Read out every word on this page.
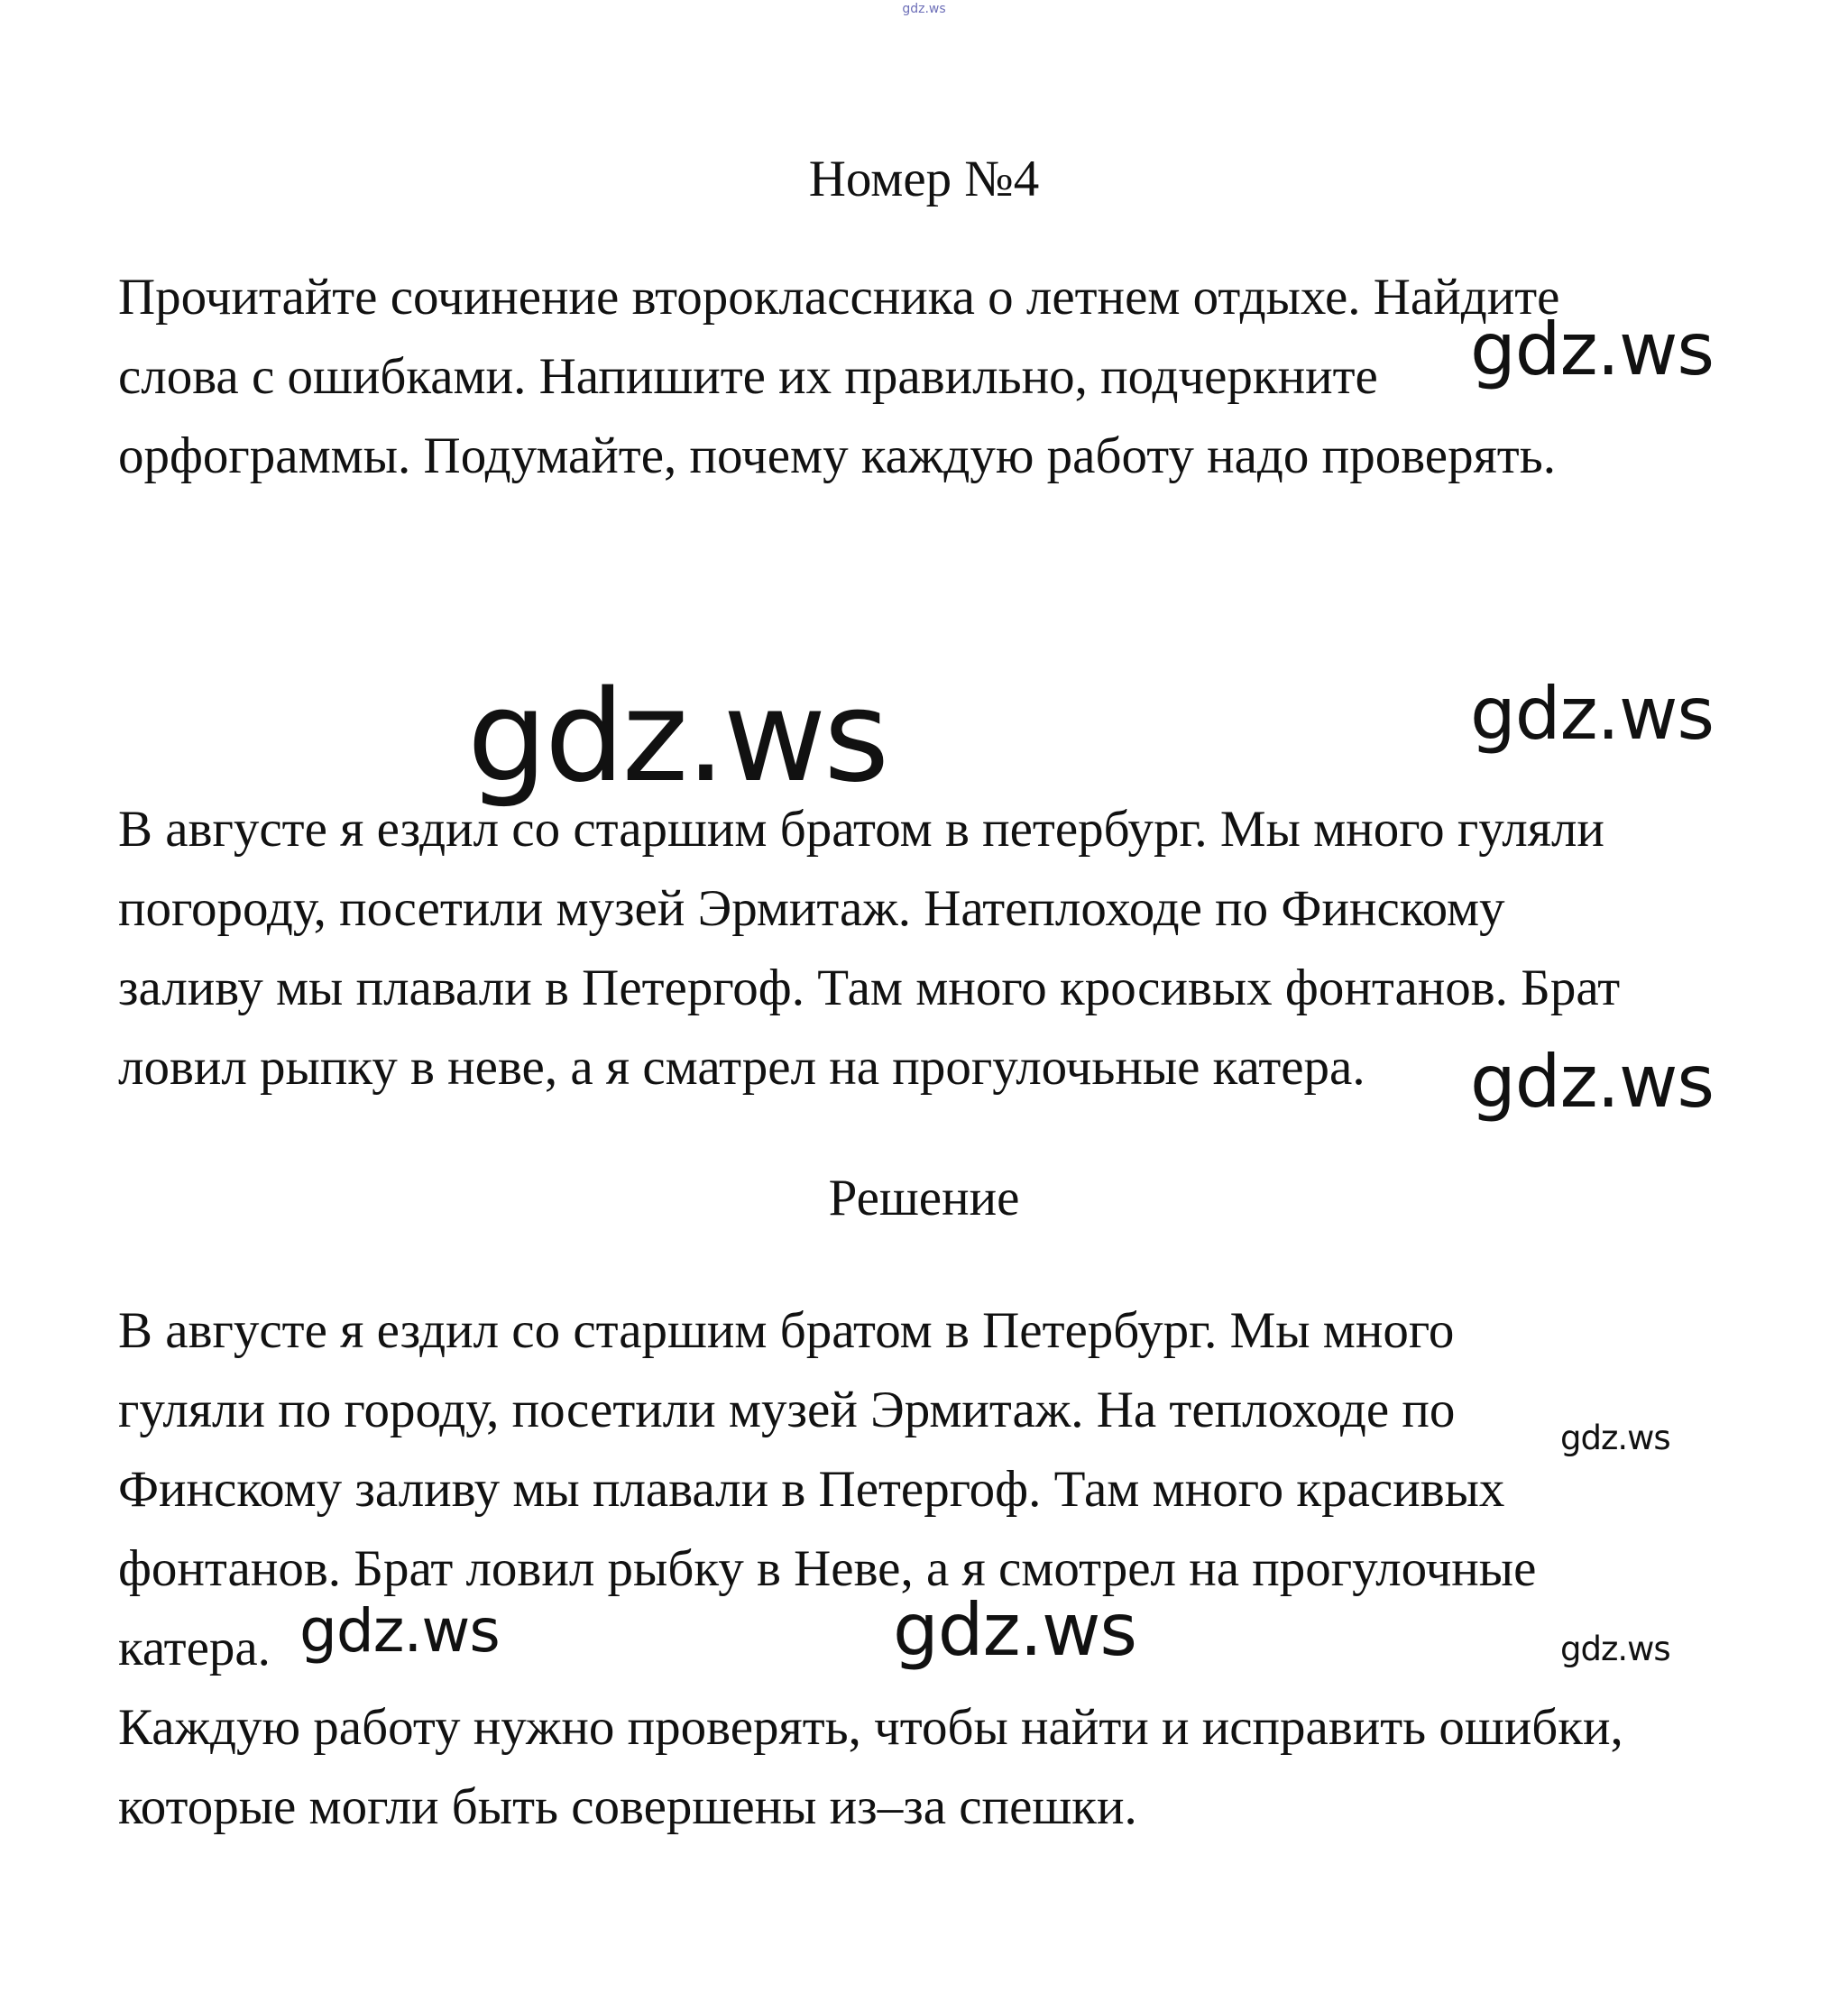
gdz.ws
Номер №4
Прочитайте сочинение второклассника о летнем отдыхе. Найдите
слова с ошибками. Напишите их правильно, подчеркните
орфограммы. Подумайте, почему каждую работу надо проверять.
В августе я ездил со старшим братом в петербург. Мы много гуляли
погороду, посетили музей Эрмитаж. Натеплоходе по Финскому
заливу мы плавали в Петергоф. Там много кросивых фонтанов. Брат
ловил рыпку в неве, а я сматрел на прогулочьные катера.
Решение
В августе я ездил со старшим братом в Петербург. Мы много
гуляли по городу, посетили музей Эрмитаж. На теплоходе по
Финскому заливу мы плавали в Петергоф. Там много красивых
фонтанов. Брат ловил рыбку в Неве, а я смотрел на прогулочные
катера.
Каждую работу нужно проверять, чтобы найти и исправить ошибки,
которые могли быть совершены из–за спешки.
gdz.ws
gdz.ws	gdz.ws
gdz.ws
gdz.ws
gdz.ws	gdz.ws	gdz.ws
